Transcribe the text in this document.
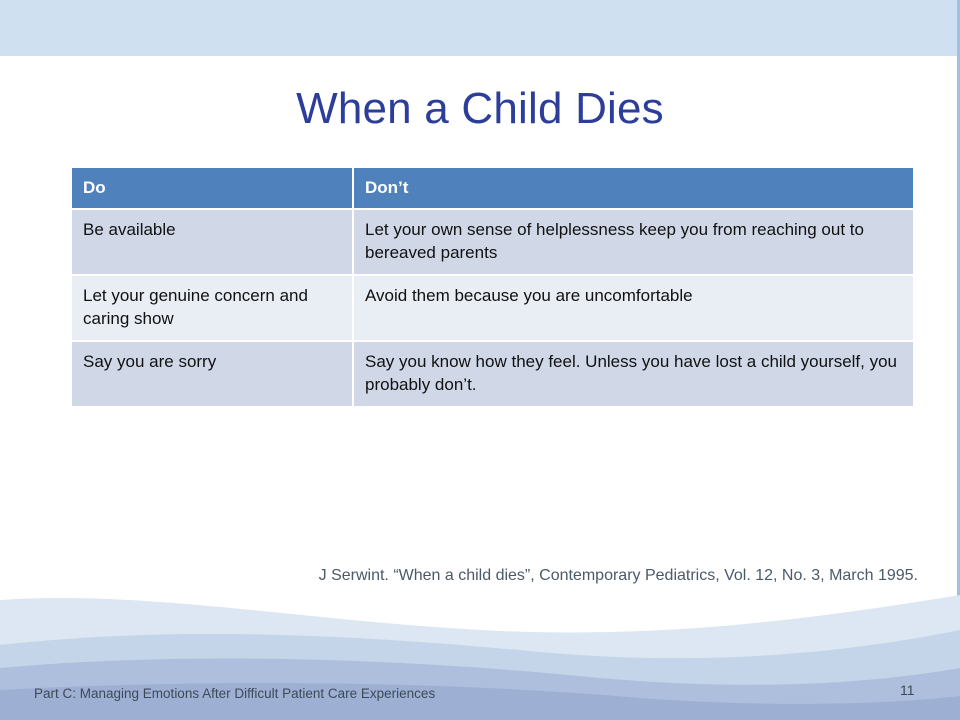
When a Child Dies
Do	Don’t
Be available	Let your own sense of helplessness keep you from reaching out to bereaved parents
Let your genuine concern and caring show	Avoid them because you are uncomfortable
Say you are sorry	Say you know how they feel. Unless you have lost a child yourself, you probably don’t.
J Serwint. “When a child dies”, Contemporary Pediatrics, Vol. 12, No. 3, March 1995.
Part C: Managing Emotions After Difficult Patient Care Experiences	11
